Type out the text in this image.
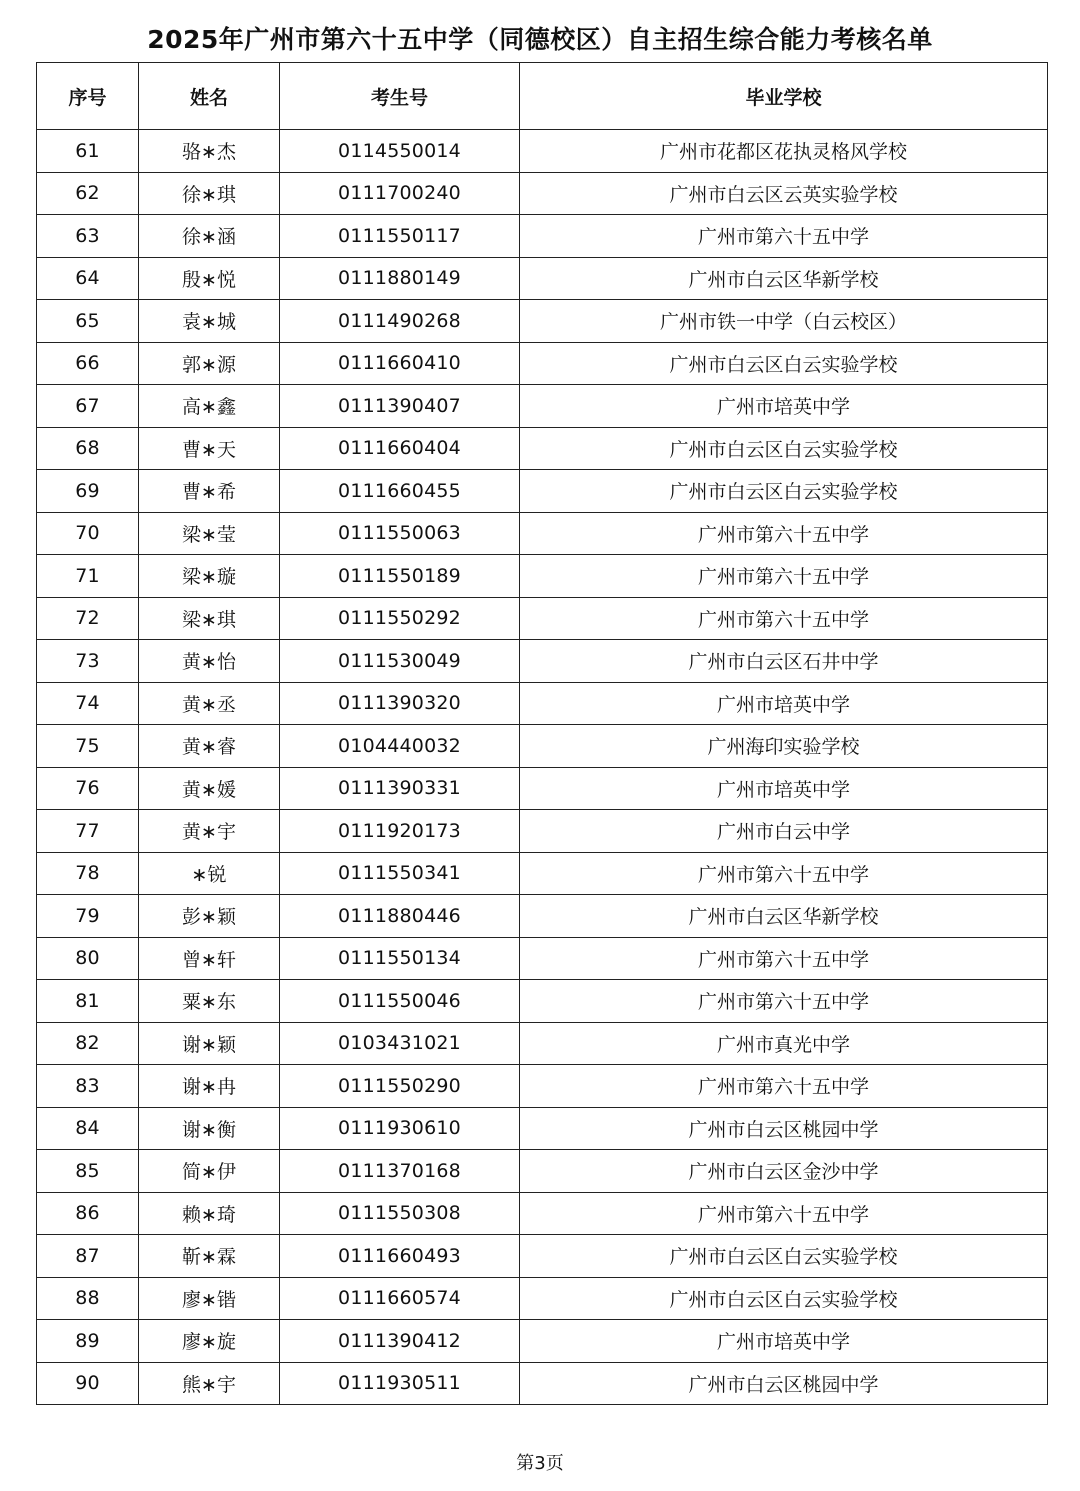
2025年广州市第六十五中学（同德校区）自主招生综合能力考核名单
序号	姓名	考生号	毕业学校
61	骆∗杰	0114550014	广州市花都区花执灵格风学校
62	徐∗琪	0111700240	广州市白云区云英实验学校
63	徐∗涵	0111550117	广州市第六十五中学
64	殷∗悦	0111880149	广州市白云区华新学校
65	袁∗城	0111490268	广州市铁一中学（白云校区）
66	郭∗源	0111660410	广州市白云区白云实验学校
67	高∗鑫	0111390407	广州市培英中学
68	曹∗天	0111660404	广州市白云区白云实验学校
69	曹∗希	0111660455	广州市白云区白云实验学校
70	梁∗莹	0111550063	广州市第六十五中学
71	梁∗璇	0111550189	广州市第六十五中学
72	梁∗琪	0111550292	广州市第六十五中学
73	黄∗怡	0111530049	广州市白云区石井中学
74	黄∗丞	0111390320	广州市培英中学
75	黄∗睿	0104440032	广州海印实验学校
76	黄∗媛	0111390331	广州市培英中学
77	黄∗宇	0111920173	广州市白云中学
78	∗锐	0111550341	广州市第六十五中学
79	彭∗颖	0111880446	广州市白云区华新学校
80	曾∗轩	0111550134	广州市第六十五中学
81	粟∗东	0111550046	广州市第六十五中学
82	谢∗颖	0103431021	广州市真光中学
83	谢∗冉	0111550290	广州市第六十五中学
84	谢∗衡	0111930610	广州市白云区桃园中学
85	简∗伊	0111370168	广州市白云区金沙中学
86	赖∗琦	0111550308	广州市第六十五中学
87	靳∗霖	0111660493	广州市白云区白云实验学校
88	廖∗锴	0111660574	广州市白云区白云实验学校
89	廖∗旋	0111390412	广州市培英中学
90	熊∗宇	0111930511	广州市白云区桃园中学
第3页
